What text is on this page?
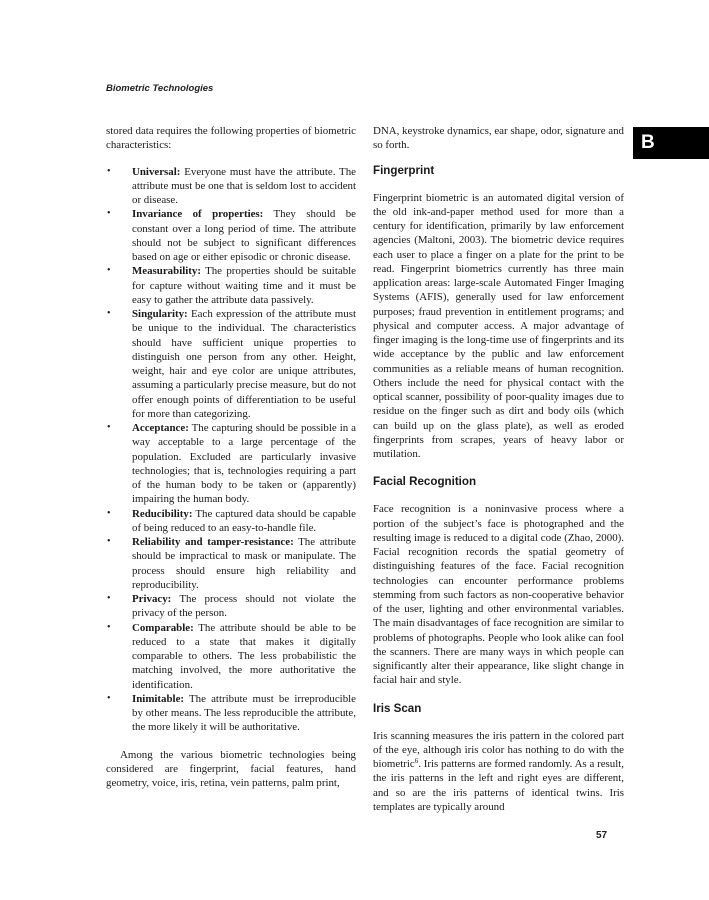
Biometric Technologies
B

stored data requires the following properties of biometric characteristics:

• Universal: Everyone must have the attribute. The attribute must be one that is seldom lost to accident or disease.
• Invariance of properties: They should be constant over a long period of time. The attribute should not be subject to significant differences based on age or either episodic or chronic disease.
• Measurability: The properties should be suitable for capture without waiting time and it must be easy to gather the attribute data passively.
• Singularity: Each expression of the attribute must be unique to the individual. The characteristics should have sufficient unique properties to distinguish one person from any other. Height, weight, hair and eye color are unique attributes, assuming a particularly precise measure, but do not offer enough points of differentiation to be useful for more than categorizing.
• Acceptance: The capturing should be possible in a way acceptable to a large percentage of the population. Excluded are particularly invasive technologies; that is, technologies requiring a part of the human body to be taken or (apparently) impairing the human body.
• Reducibility: The captured data should be capable of being reduced to an easy-to-handle file.
• Reliability and tamper-resistance: The attribute should be impractical to mask or manipulate. The process should ensure high reliability and reproducibility.
• Privacy: The process should not violate the privacy of the person.
• Comparable: The attribute should be able to be reduced to a state that makes it digitally comparable to others. The less probabilistic the matching involved, the more authoritative the identification.
• Inimitable: The attribute must be irreproducible by other means. The less reproducible the attribute, the more likely it will be authoritative.

Among the various biometric technologies being considered are fingerprint, facial features, hand geometry, voice, iris, retina, vein patterns, palm print,

DNA, keystroke dynamics, ear shape, odor, signature and so forth.

Fingerprint

Fingerprint biometric is an automated digital version of the old ink-and-paper method used for more than a century for identification, primarily by law enforcement agencies (Maltoni, 2003). The biometric device requires each user to place a finger on a plate for the print to be read. Fingerprint biometrics currently has three main application areas: large-scale Automated Finger Imaging Systems (AFIS), generally used for law enforcement purposes; fraud prevention in entitlement programs; and physical and computer access. A major advantage of finger imaging is the long-time use of fingerprints and its wide acceptance by the public and law enforcement communities as a reliable means of human recognition. Others include the need for physical contact with the optical scanner, possibility of poor-quality images due to residue on the finger such as dirt and body oils (which can build up on the glass plate), as well as eroded fingerprints from scrapes, years of heavy labor or mutilation.

Facial Recognition

Face recognition is a noninvasive process where a portion of the subject’s face is photographed and the resulting image is reduced to a digital code (Zhao, 2000). Facial recognition records the spatial geometry of distinguishing features of the face. Facial recognition technologies can encounter performance problems stemming from such factors as non-cooperative behavior of the user, lighting and other environmental variables. The main disadvantages of face recognition are similar to problems of photographs. People who look alike can fool the scanners. There are many ways in which people can significantly alter their appearance, like slight change in facial hair and style.

Iris Scan

Iris scanning measures the iris pattern in the colored part of the eye, although iris color has nothing to do with the biometric$^6$. Iris patterns are formed randomly. As a result, the iris patterns in the left and right eyes are different, and so are the iris patterns of identical twins. Iris templates are typically around

57
